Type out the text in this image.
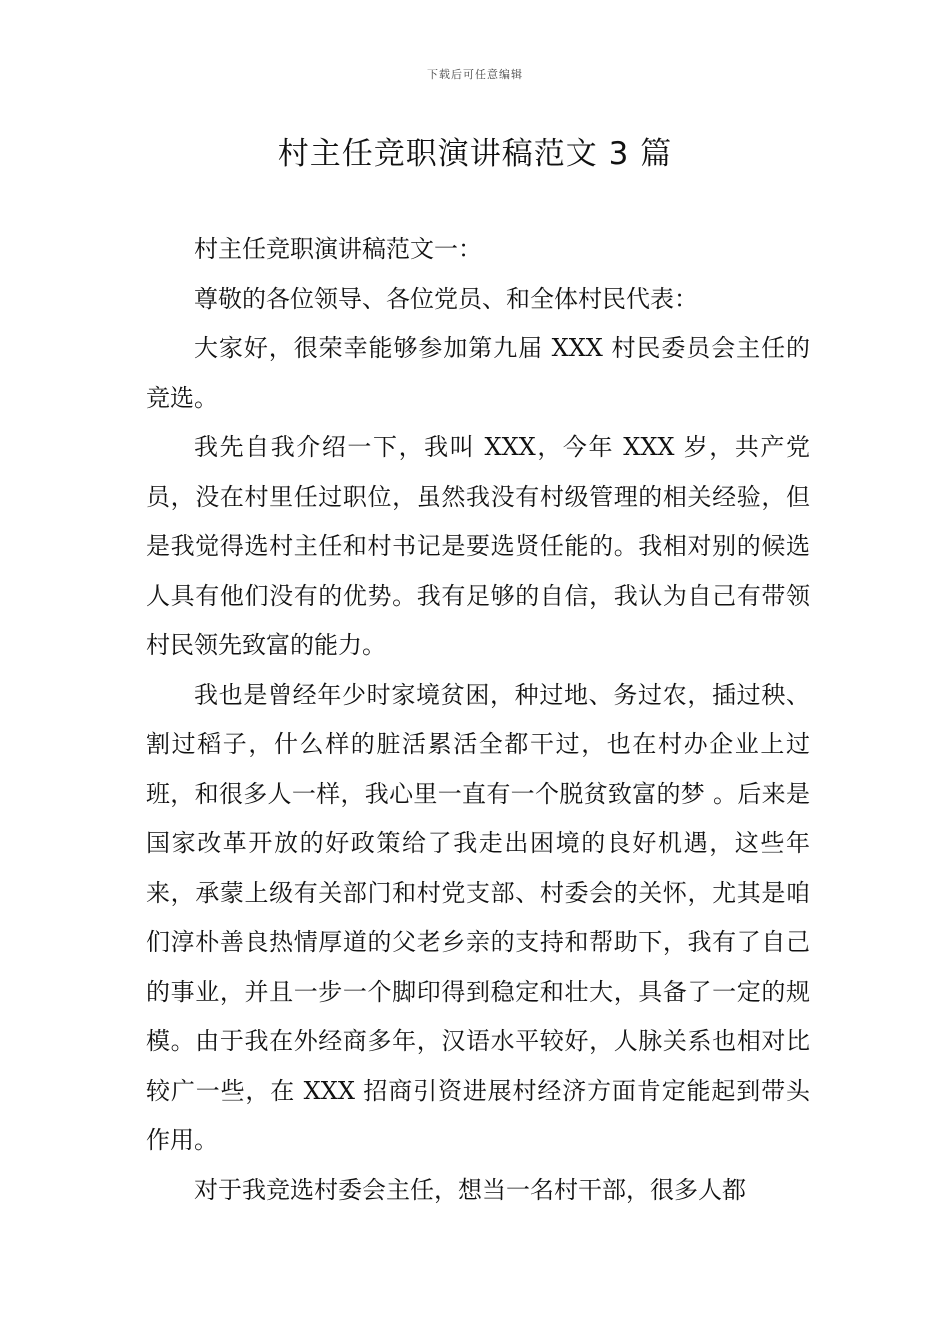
下载后可任意编辑
村主任竞职演讲稿范文 3 篇

村主任竞职演讲稿范文一：

尊敬的各位领导、各位党员、和全体村民代表：

大家好，很荣幸能够参加第九届 XXX 村民委员会主任的竞选。

我先自我介绍一下，我叫 XXX，今年 XXX 岁，共产党员，没在村里任过职位，虽然我没有村级管理的相关经验，但是我觉得选村主任和村书记是要选贤任能的。我相对别的候选人具有他们没有的优势。我有足够的自信，我认为自己有带领村民领先致富的能力。

我也是曾经年少时家境贫困，种过地、务过农，插过秧、割过稻子，什么样的脏活累活全都干过，也在村办企业上过班，和很多人一样，我心里一直有一个脱贫致富的梦 。后来是国家改革开放的好政策给了我走出困境的良好机遇，这些年来，承蒙上级有关部门和村党支部、村委会的关怀，尤其是咱们淳朴善良热情厚道的父老乡亲的支持和帮助下，我有了自己的事业，并且一步一个脚印得到稳定和壮大，具备了一定的规模。由于我在外经商多年，汉语水平较好，人脉关系也相对比较广一些，在 XXX 招商引资进展村经济方面肯定能起到带头作用。

对于我竞选村委会主任，想当一名村干部，很多人都
